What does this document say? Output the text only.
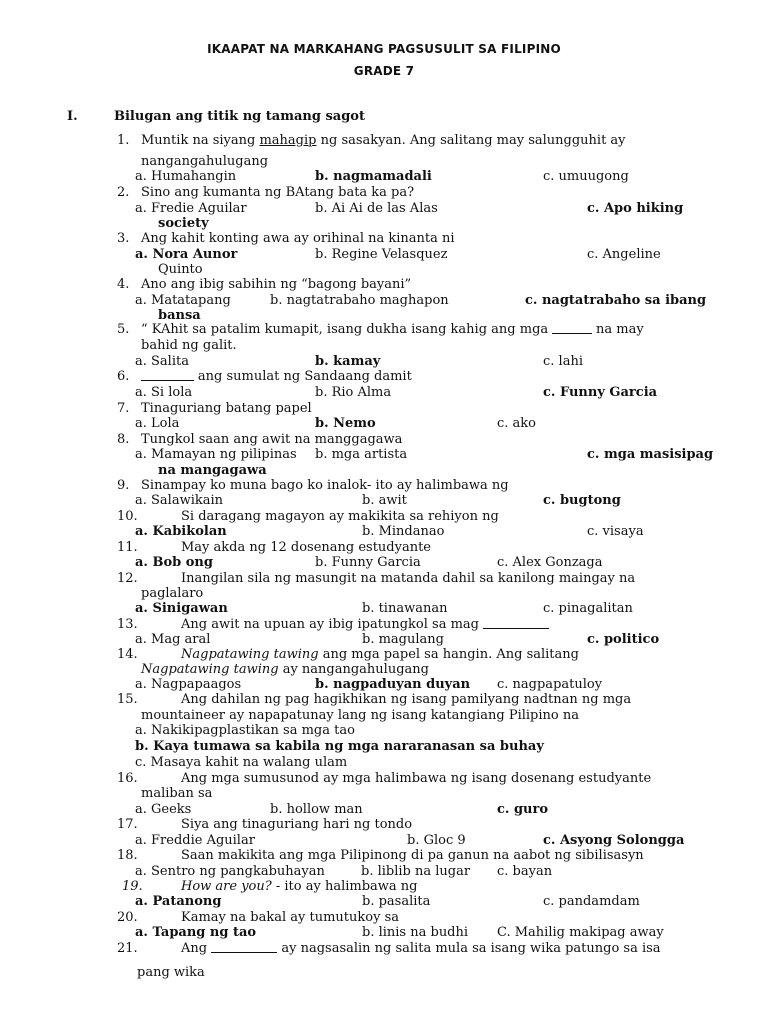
IKAAPAT NA MARKAHANG PAGSUSULIT SA FILIPINO
GRADE 7
I.	Bilugan ang titik ng tamang sagot
1. Muntik na siyang mahagip ng sasakyan. Ang salitang may salungguhit ay
nangangahulugang
a. Humahangin	b. nagmamadali	c. umuugong
2. Sino ang kumanta ng BAtang bata ka pa?
a. Fredie Aguilar	b. Ai Ai de las Alas	c. Apo hiking
society
3. Ang kahit konting awa ay orihinal na kinanta ni
a. Nora Aunor	b. Regine Velasquez	c. Angeline
Quinto
4. Ano ang ibig sabihin ng “bagong bayani”
a. Matatapang	b. nagtatrabaho maghapon	c. nagtatrabaho sa ibang
bansa
5. “ KAhit sa patalim kumapit, isang dukha isang kahig ang mga	na may
bahid ng galit.
a. Salita	b. kamay	c. lahi
6.	ang sumulat ng Sandaang damit
a. Si lola	b. Rio Alma	c. Funny Garcia
7. Tinaguriang batang papel
a. Lola	b. Nemo	c. ako
8. Tungkol saan ang awit na manggagawa
a. Mamayan ng pilipinas b. mga artista	c. mga masisipag
na mangagawa
9. Sinampay ko muna bago ko inalok- ito ay halimbawa ng
a. Salawikain	b. awit	c. bugtong
10.	Si daragang magayon ay makikita sa rehiyon ng
a. Kabikolan	b. Mindanao	c. visaya
11.	May akda ng 12 dosenang estudyante
a. Bob ong	b. Funny Garcia	c. Alex Gonzaga
12.	Inangilan sila ng masungit na matanda dahil sa kanilong maingay na
paglalaro
a. Sinigawan	b. tinawanan	c. pinagalitan
13.	Ang awit na upuan ay ibig ipatungkol sa mag
a. Mag aral	b. magulang	c. politico
14.	Nagpatawing tawing ang mga papel sa hangin. Ang salitang
Nagpatawing tawing ay nangangahulugang
a. Nagpapaagos	b. nagpaduyan duyan c. nagpapatuloy
15.	Ang dahilan ng pag hagikhikan ng isang pamilyang nadtnan ng mga
mountaineer ay napapatunay lang ng isang katangiang Pilipino na
a. Nakikipagplastikan sa mga tao
b. Kaya tumawa sa kabila ng mga nararanasan sa buhay
c. Masaya kahit na walang ulam
16.	Ang mga sumusunod ay mga halimbawa ng isang dosenang estudyante
maliban sa
a. Geeks	b. hollow man	c. guro
17.	Siya ang tinaguriang hari ng tondo
a. Freddie Aguilar	b. Gloc 9	c. Asyong Solongga
18.	Saan makikita ang mga Pilipinong di pa ganun na aabot ng sibilisasyn
a. Sentro ng pangkabuhayan	b. liblib na lugar c. bayan
19.	How are you? - ito ay halimbawa ng
a. Patanong	b. pasalita	c. pandamdam
20.	Kamay na bakal ay tumutukoy sa
a. Tapang ng tao	b. linis na budhi C. Mahilig makipag away
21.	Ang	ay nagsasalin ng salita mula sa isang wika patungo sa isa
pang wika
